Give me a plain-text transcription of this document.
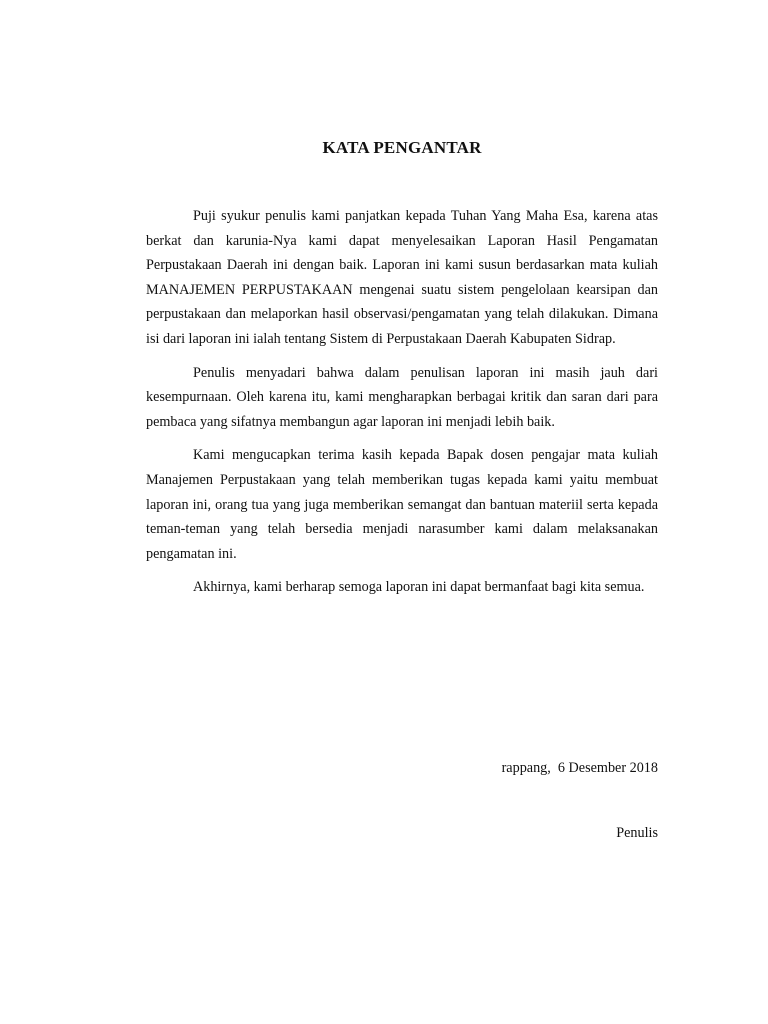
KATA PENGANTAR

Puji syukur penulis kami panjatkan kepada Tuhan Yang Maha Esa, karena atas berkat dan karunia-Nya kami dapat menyelesaikan Laporan Hasil Pengamatan Perpustakaan Daerah ini dengan baik. Laporan ini kami susun berdasarkan mata kuliah MANAJEMEN PERPUSTAKAAN mengenai suatu sistem pengelolaan kearsipan dan perpustakaan dan melaporkan hasil observasi/pengamatan yang telah dilakukan. Dimana isi dari laporan ini ialah tentang Sistem di Perpustakaan Daerah Kabupaten Sidrap.

Penulis menyadari bahwa dalam penulisan laporan ini masih jauh dari kesempurnaan. Oleh karena itu, kami mengharapkan berbagai kritik dan saran dari para pembaca yang sifatnya membangun agar laporan ini menjadi lebih baik.

Kami mengucapkan terima kasih kepada Bapak dosen pengajar mata kuliah Manajemen Perpustakaan yang telah memberikan tugas kepada kami yaitu membuat laporan ini, orang tua yang juga memberikan semangat dan bantuan materiil serta kepada teman-teman yang telah bersedia menjadi narasumber kami dalam melaksanakan pengamatan ini.

Akhirnya, kami berharap semoga laporan ini dapat bermanfaat bagi kita semua.

rappang,  6 Desember 2018
Penulis
